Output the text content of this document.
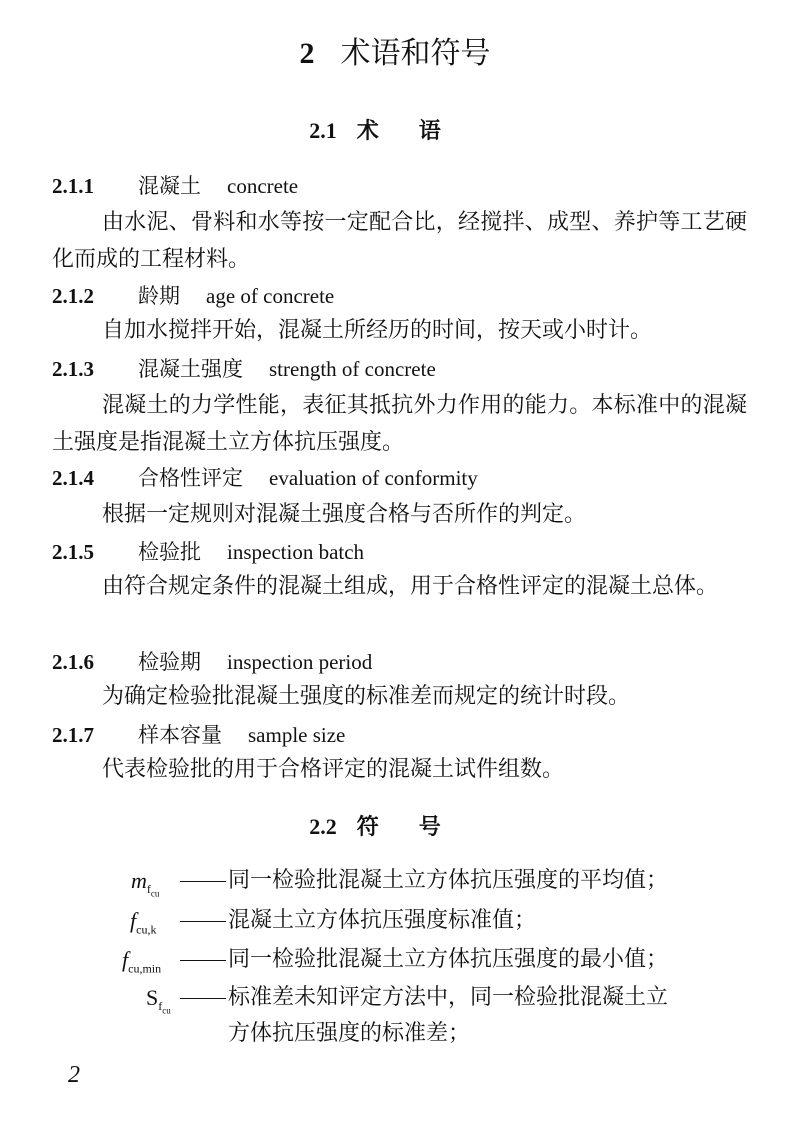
2 术语和符号
2.1 术语
2.1.1 混凝土 concrete
由水泥、骨料和水等按一定配合比，经搅拌、成型、养护等工艺硬化而成的工程材料。
2.1.2 龄期 age of concrete
自加水搅拌开始，混凝土所经历的时间，按天或小时计。
2.1.3 混凝土强度 strength of concrete
混凝土的力学性能，表征其抵抗外力作用的能力。本标准中的混凝土强度是指混凝土立方体抗压强度。
2.1.4 合格性评定 evaluation of conformity
根据一定规则对混凝土强度合格与否所作的判定。
2.1.5 检验批 inspection batch
由符合规定条件的混凝土组成，用于合格性评定的混凝土总体。
2.1.6 检验期 inspection period
为确定检验批混凝土强度的标准差而规定的统计时段。
2.1.7 样本容量 sample size
代表检验批的用于合格评定的混凝土试件组数。
2.2 符号
$m_{f_{cu}}$
同一检验批混凝土立方体抗压强度的平均值；
$f_{cu,k}$	混凝土立方体抗压强度标准值；
$f_{cu,min}$	同一检验批混凝土立方体抗压强度的最小值；
$S_{f_{cu}}$
标准差未知评定方法中，同一检验批混凝土立
方体抗压强度的标准差；
2
